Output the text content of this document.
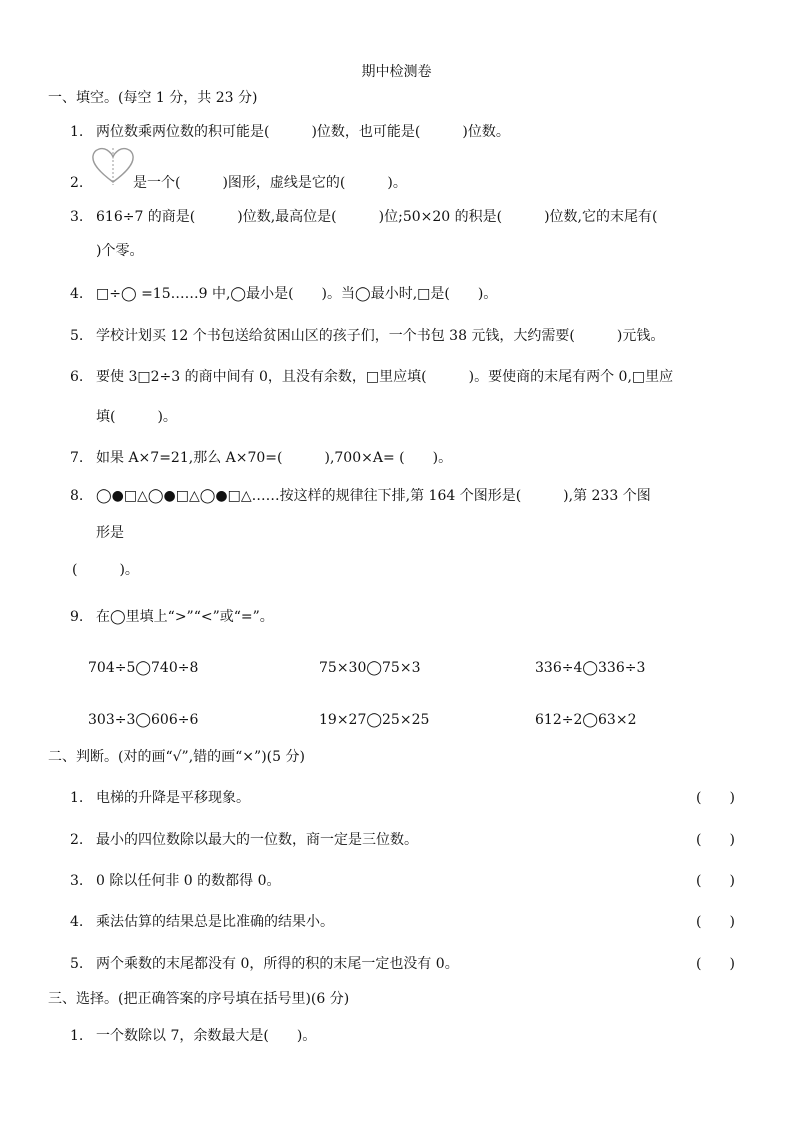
期中检测卷
一、填空。(每空 1 分，共 23 分)
1. 两位数乘两位数的积可能是(　　　)位数，也可能是(　　　)位数。
2.	是一个(　　　)图形，虚线是它的(　　　)。
3. 616÷7 的商是(　　　)位数,最高位是(　　　)位;50×20 的积是(　　　)位数,它的末尾有(
)个零。
4. □÷◯ =15……9 中,◯最小是(　　)。当◯最小时,□是(　　)。
5. 学校计划买 12 个书包送给贫困山区的孩子们，一个书包 38 元钱，大约需要(　　　)元钱。
6. 要使 3□2÷3 的商中间有 0，且没有余数，□里应填(　　　)。要使商的末尾有两个 0,□里应
填(　　　)。
7. 如果 A×7=21,那么 A×70=(　　　),700×A= (　　)。
8. ◯●□△◯●□△◯●□△……按这样的规律往下排,第 164 个图形是(　　　),第 233 个图
形是
(　　　)。
9. 在◯里填上“>”“<”或“=”。
704÷5◯740÷8	75×30◯75×3	336÷4◯336÷3
303÷3◯606÷6	19×27◯25×25	612÷2◯63×2
二、判断。(对的画“√”,错的画“×”)(5 分)
1. 电梯的升降是平移现象。	(　　)
2. 最小的四位数除以最大的一位数，商一定是三位数。	(　　)
3. 0 除以任何非 0 的数都得 0。	(　　)
4. 乘法估算的结果总是比准确的结果小。	(　　)
5. 两个乘数的末尾都没有 0，所得的积的末尾一定也没有 0。	(　　)
三、选择。(把正确答案的序号填在括号里)(6 分)
1. 一个数除以 7，余数最大是(　　)。
